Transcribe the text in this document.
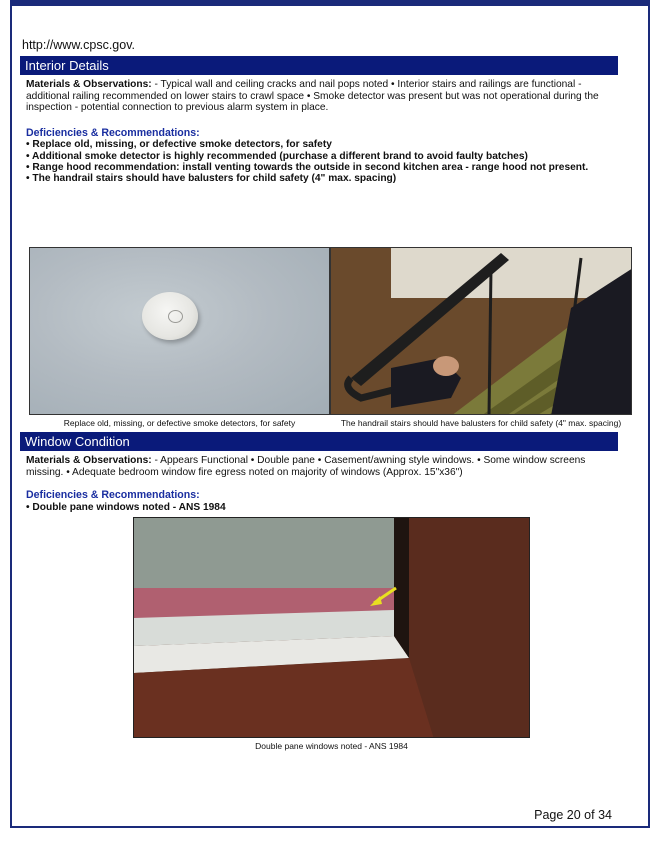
http://www.cpsc.gov.
Interior Details
Materials & Observations: - Typical wall and ceiling cracks and nail pops noted • Interior stairs and railings are functional - additional railing recommended on lower stairs to crawl space • Smoke detector was present but was not operational during the inspection - potential connection to previous alarm system in place.
Deficiencies & Recommendations:
• Replace old, missing, or defective smoke detectors, for safety
• Additional smoke detector is highly recommended (purchase a different brand to avoid faulty batches)
• Range hood recommendation: install venting towards the outside in second kitchen area - range hood not present.
• The handrail stairs should have balusters for child safety (4" max. spacing)
Replace old, missing, or defective smoke detectors, for safety	The handrail stairs should have balusters for child safety (4" max. spacing)
Window Condition
Materials & Observations: - Appears Functional • Double pane • Casement/awning style windows. • Some window screens missing. • Adequate bedroom window fire egress noted on majority of windows (Approx. 15"x36")
Deficiencies & Recommendations:
• Double pane windows noted - ANS 1984
Double pane windows noted - ANS 1984
Page 20 of 34
